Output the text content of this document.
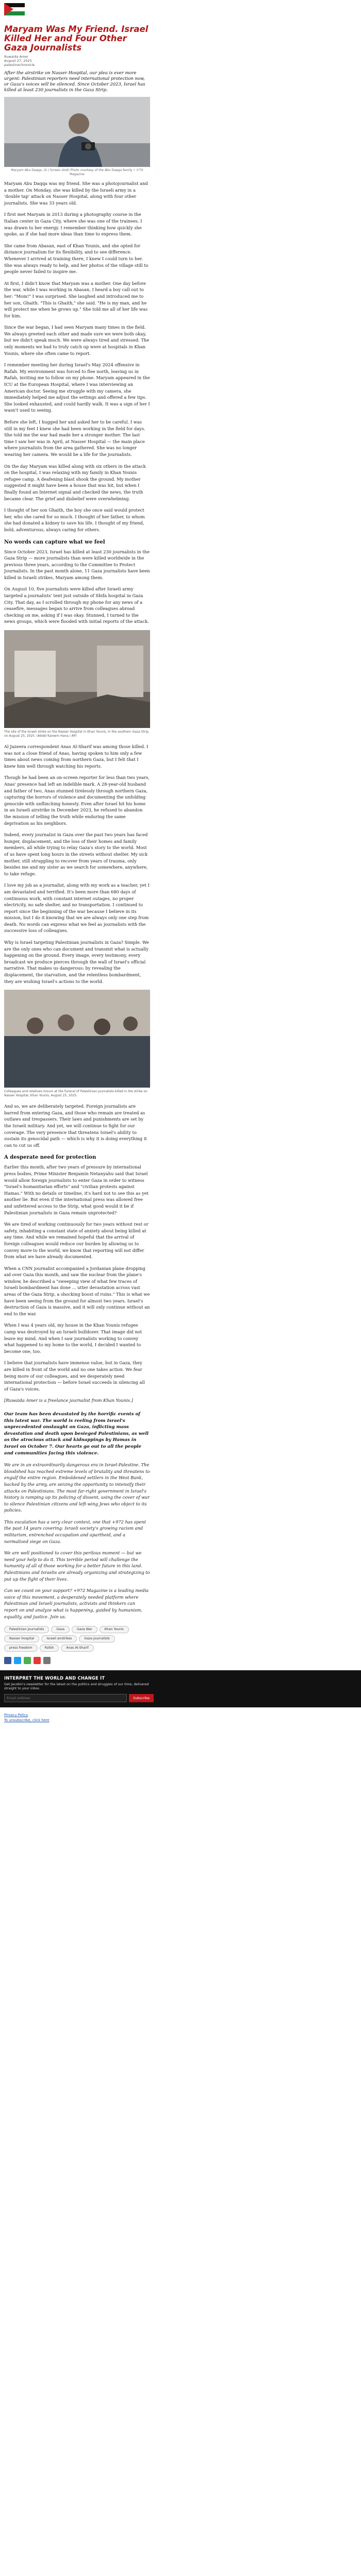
Maryam Was My Friend. Israel Killed Her and Four Other Gaza Journalists
Ruwaida Amer
August 27, 2025
palestinechronicle

After the airstrike on Nasser Hospital, our plea is ever more urgent: Palestinian reporters need international protection now, or Gaza's voices will be silenced. Since October 2023, Israel has killed at least 230 journalists in the Gaza Strip.

Maryam Abu Daqqa. (X / Screen shot) Photo courtesy of the Abu Daqqa family • ©TV Magazine

Maryam Abu Daqqa was my friend. She was a photojournalist and a mother. On Monday, she was killed by the Israeli army in a 'double tap' attack on Nasser Hospital, along with four other journalists. She was 33 years old.

I first met Maryam in 2013 during a photography course in the Italian center in Gaza City, where she was one of the trainees. I was drawn to her energy. I remember thinking how quickly she spoke, as if she had more ideas than time to express them.

She came from Abasan, east of Khan Younis, and she opted for distance journalism for its flexibility, and to see difference. Whenever I arrived at training there, I knew I could turn to her. She was always ready to help, and her photos of the village still to people never failed to inspire me.

At first, I didn't know that Maryam was a mother. One day before the war, while I was working in Abasan, I heard a boy call out to her: "Mom!" I was surprised. She laughed and introduced me to her son, Ghaith. "This is Ghaith," she said. "He is my man, and he will protect me when he grows up." She told me all of her life was for him.

Since the war began, I had seen Maryam many times in the field. We always greeted each other and made sure we were both okay, but we didn't speak much. We were always tired and stressed. The only moments we had to truly catch up were at hospitals in Khan Younis, where she often came to report.

I remember meeting her during Israel's May 2024 offensive in Rafah. My environment was forced to flee north, leaving us in Rafah, inviting me to follow on my phone. Maryam appeared in the ICU at the European Hospital, where I was interviewing an American doctor. Seeing me struggle with my camera, she immediately helped me adjust the settings and offered a few tips. She looked exhausted, and could hardly walk. It was a sign of her I wasn't used to seeing.

Before she left, I hugged her and asked her to be careful. I was still in my feet I knew she had been working in the field for days. She told me the war had made her a stronger mother. The last time I saw her was in April, at Nasser Hospital — the main place where journalists from the area gathered. She was no longer wearing her camera. We would be a life for the journalists.

On the day Maryam was killed along with six others in the attack on the hospital, I was relaxing with my family in Khan Younis refugee camp. A deafening blast shook the ground. My mother suggested it might have been a house that was hit, but when I finally found an Internet signal and checked the news, the truth became clear. The grief and disbelief were overwhelming.

I thought of her son Ghaith, the boy she once said would protect her, who she cared for so much. I thought of her father, to whom she had donated a kidney to save his life. I thought of my friend, bold, adventurous, always caring for others.

No words can capture what we feel

Since October 2023, Israel has killed at least 230 journalists in the Gaza Strip — more journalists than were killed worldwide in the previous three years, according to the Committee to Protect Journalists. In the past month alone, 11 Gaza journalists have been killed in Israeli strikes, Maryam among them.

On August 10, five journalists were killed after Israeli army targeted a journalists' tent just outside of Shifa hospital in Gaza City. That day, as I scrolled through my phone for any news of a ceasefire, messages began to arrive from colleagues abroad checking on me, asking if I was okay. Stunned, I turned to the news groups, which were flooded with initial reports of the attack.

The site of the Israeli strike on the Nasser Hospital in Khan Younis, in the southern Gaza Strip, on August 25, 2025. (Abdel Kareem Hana / AP)

Al Jazeera correspondent Anas Al-Sharif was among those killed. I was not a close friend of Anas, having spoken to him only a few times about news coming from northern Gaza, but I felt that I knew him well through watching his reports.

Though he had been an on-screen reporter for less than two years, Anas' presence had left an indelible mark. A 28-year-old husband and father of two, Anas stunned tirelessly through northern Gaza, capturing the horrors of violence and documenting the unfolding genocide with unflinching honesty. Even after Israel hit his home in an Israeli airstrike in December 2023, he refused to abandon the mission of telling the truth while enduring the same deprivation as his neighbors.

Indeed, every journalist in Gaza over the past two years has faced hunger, displacement, and the loss of their homes and family members, all while trying to relay Gaza's story to the world. Most of us have spent long hours in the streets without shelter. My sick mother, still struggling to recover from years of trauma, only besides me and my sister as we search for somewhere, anywhere, to take refuge.

I love my job as a journalist, along with my work as a teacher, yet I am devastated and terrified. It's been more than 680 days of continuous work, with constant internet outages, no proper electricity, no safe shelter, and no transportation. I continued to report since the beginning of the war because I believe in its mission, but I do it knowing that we are always only one step from death. No words can express what we feel as journalists with the successive loss of colleagues.

Why is Israel targeting Palestinian journalists in Gaza? Simple. We are the only ones who can document and transmit what is actually happening on the ground. Every image, every testimony, every broadcast we produce pierces through the wall of Israel's official narrative. That makes us dangerous: by revealing the displacement, the starvation, and the relentless bombardment, they are wishing Israel's actions to the world.

Colleagues and relatives mourn at the funeral of Palestinian journalists killed in the strike on Nasser Hospital, Khan Younis, August 25, 2025.

And so, we are deliberately targeted. Foreign journalists are barred from entering Gaza, and those who remain are treated as outlaws and trespassers. Their laws and punishments are set by the Israeli military. And yet, we will continue to fight for our coverage. The very presence that threatens Israel's ability to sustain its genocidal path — which is why it is doing everything it can to cut us off.

A desperate need for protection

Earlier this month, after two years of pressure by international press bodies, Prime Minister Benjamin Netanyahu said that Israel would allow foreign journalists to enter Gaza in order to witness "Israel's humanitarian efforts" and "civilian protests against Hamas." With no details or timeline, it's hard not to see this as yet another lie. But even if the international press was allowed free and unfettered access to the Strip, what good would it be if Palestinian journalists in Gaza remain unprotected?

We are tired of working continuously for two years without rest or safety, inhabiting a constant state of anxiety about being killed at any time. And while we remained hopeful that the arrival of foreign colleagues would reduce our burden by allowing us to convey more to the world, we know that reporting will not differ from what we have already documented.

When a CNN journalist accompanied a Jordanian plane dropping aid over Gaza this month, and saw the nuclear from the plane's window, he described a "sweeping view of what few traces of Israeli bombardment has done ... utter devastation across vast areas of the Gaza Strip, a shocking boost of ruins." This is what we have been seeing from the ground for almost two years. Israel's destruction of Gaza is massive, and it will only continue without an end to the war.

When I was 4 years old, my house in the Khan Younis refugee camp was destroyed by an Israeli bulldozer. That image did not leave my mind. And when I saw journalists working to convey what happened to my home to the world, I decided I wanted to become one, too.

I believe that journalists have immense value, but in Gaza, they are killed in front of the world and no one takes action. We fear being more of our colleagues, and we desperately need international protection — before Israel succeeds in silencing all of Gaza's voices.

[Ruwaida Amer is a freelance journalist from Khan Younis.]

Our team has been devastated by the horrific events of this latest war. The world is reeling from Israel's unprecedented onslaught on Gaza, inflicting mass devastation and death upon besieged Palestinians, as well as the atrocious attack and kidnappings by Hamas in Israel on October 7. Our hearts go out to all the people and communities facing this violence.

We are in an extraordinarily dangerous era in Israel-Palestine. The bloodshed has reached extreme levels of brutality and threatens to engulf the entire region. Emboldened settlers in the West Bank, backed by the army, are seizing the opportunity to intensify their attacks on Palestinians. The most far-right government in Israel's history is ramping up its policing of dissent, using the cover of war to silence Palestinian citizens and left-wing Jews who object to its policies.

This escalation has a very clear context, one that +972 has spent the past 14 years covering: Israeli society's growing racism and militarism, entrenched occupation and apartheid, and a normalized siege on Gaza.

We are well positioned to cover this perilous moment — but we need your help to do it. This terrible period will challenge the humanity of all of those working for a better future in this land. Palestinians and Israelis are already organizing and strategizing to put up the fight of their lives.

Can we count on your support? +972 Magazine is a leading media voice of this movement, a desperately needed platform where Palestinian and Israeli journalists, activists and thinkers can report on and analyze what is happening, guided by humanism, equality, and justice. Join us.

Palestinian journalists	Gaza	Gaza War	Khan Younis
Nasser Hospital	Israeli airstrikes	Gaza journalists
press freedom	Rafah	Anas Al-Sharif
INTERPRET THE WORLD AND CHANGE IT

Get Jacobin's newsletter for the latest on the politics and struggles of our time, delivered straight to your inbox.

Email address
Subscribe
Privacy Policy
To unsubscribe, click here
